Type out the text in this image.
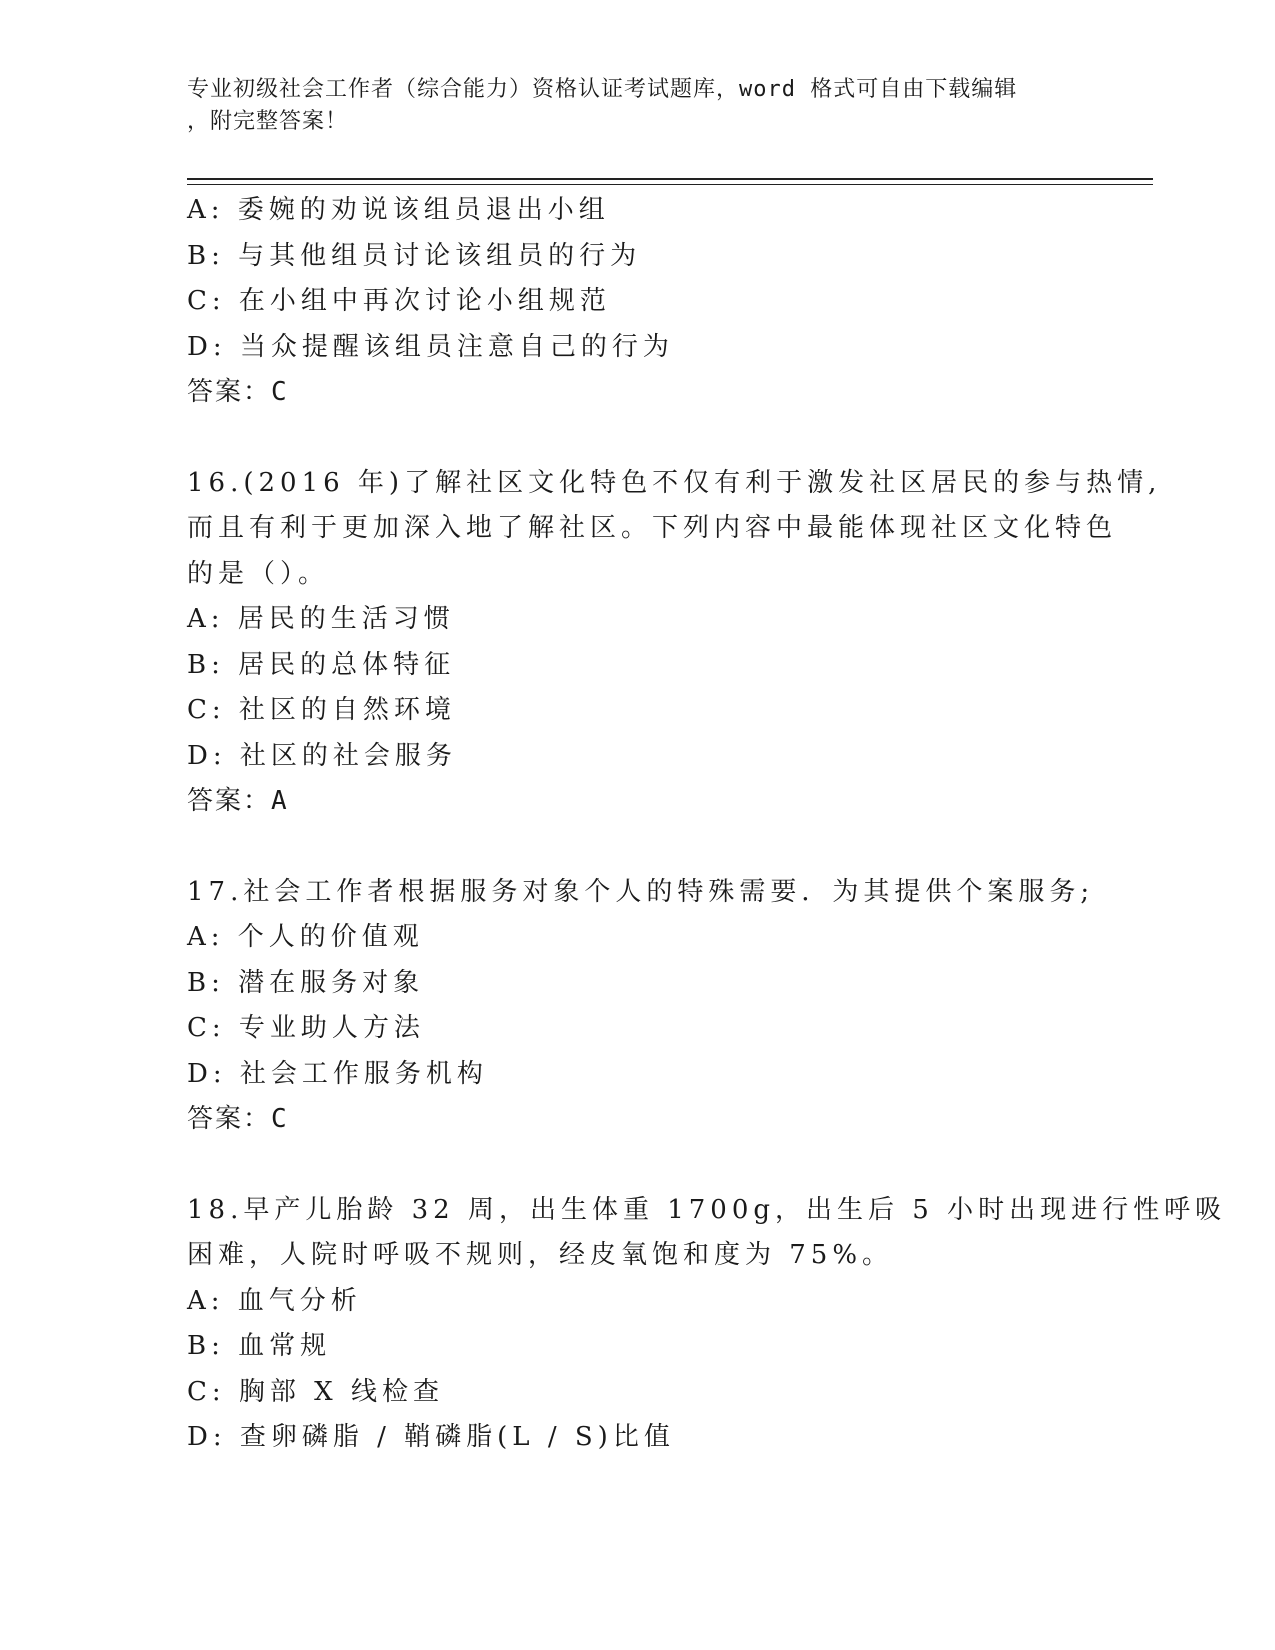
专业初级社会工作者（综合能力）资格认证考试题库，word 格式可自由下载编辑
，附完整答案！
A: 委婉的劝说该组员退出小组
B: 与其他组员讨论该组员的行为
C: 在小组中再次讨论小组规范
D: 当众提醒该组员注意自己的行为
答案：C
16.(2016 年)了解社区文化特色不仅有利于激发社区居民的参与热情,
而且有利于更加深入地了解社区。下列内容中最能体现社区文化特色
的是（）。
A: 居民的生活习惯
B: 居民的总体特征
C: 社区的自然环境
D: 社区的社会服务
答案：A
17.社会工作者根据服务对象个人的特殊需要．为其提供个案服务;
A: 个人的价值观
B: 潜在服务对象
C: 专业助人方法
D: 社会工作服务机构
答案：C
18.早产儿胎龄 32 周，出生体重 1700g，出生后 5 小时出现进行性呼吸
困难，人院时呼吸不规则，经皮氧饱和度为 75%。
A: 血气分析
B: 血常规
C: 胸部 X 线检查
D: 查卵磷脂 / 鞘磷脂(L / S)比值
